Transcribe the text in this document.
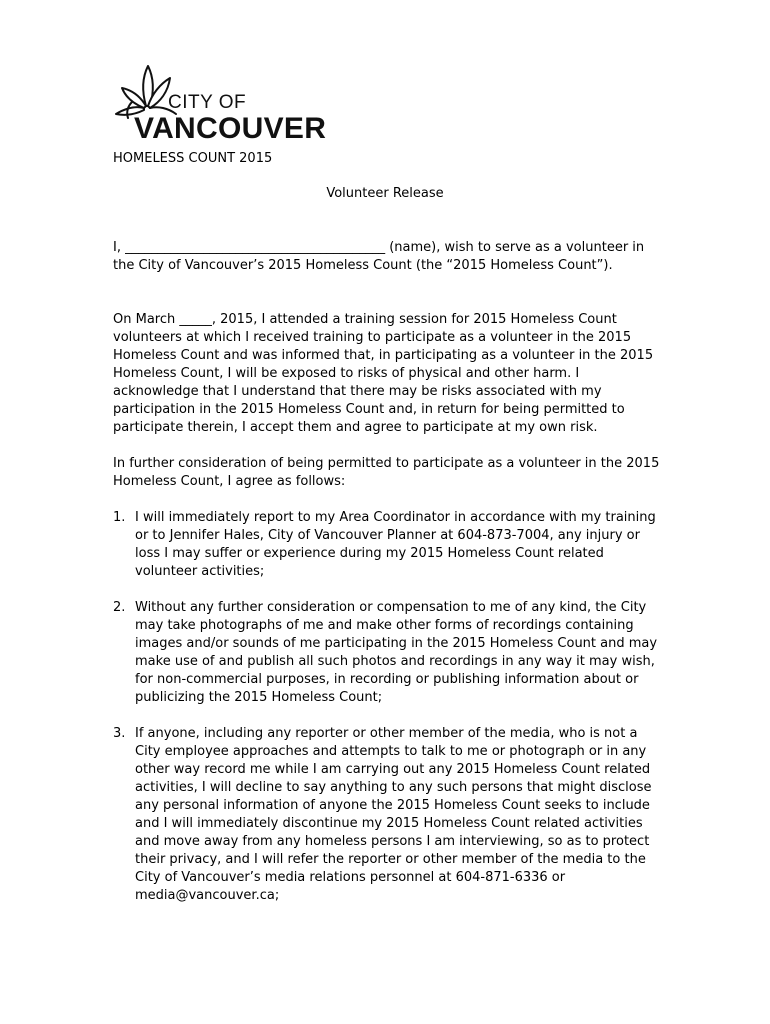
CITY OF
VANCOUVER
HOMELESS COUNT 2015
Volunteer Release

I, ________________________________________ (name), wish to serve as a volunteer in the City of Vancouver’s 2015 Homeless Count (the “2015 Homeless Count”).

On March _____, 2015, I attended a training session for 2015 Homeless Count volunteers at which I received training to participate as a volunteer in the 2015 Homeless Count and was informed that, in participating as a volunteer in the 2015 Homeless Count, I will be exposed to risks of physical and other harm. I acknowledge that I understand that there may be risks associated with my participation in the 2015 Homeless Count and, in return for being permitted to participate therein, I accept them and agree to participate at my own risk.

In further consideration of being permitted to participate as a volunteer in the 2015 Homeless Count, I agree as follows:

1. I will immediately report to my Area Coordinator in accordance with my training or to Jennifer Hales, City of Vancouver Planner at 604-873-7004, any injury or loss I may suffer or experience during my 2015 Homeless Count related volunteer activities;
2. Without any further consideration or compensation to me of any kind, the City may take photographs of me and make other forms of recordings containing images and/or sounds of me participating in the 2015 Homeless Count and may make use of and publish all such photos and recordings in any way it may wish, for non-commercial purposes, in recording or publishing information about or publicizing the 2015 Homeless Count;
3. If anyone, including any reporter or other member of the media, who is not a City employee approaches and attempts to talk to me or photograph or in any other way record me while I am carrying out any 2015 Homeless Count related activities, I will decline to say anything to any such persons that might disclose any personal information of anyone the 2015 Homeless Count seeks to include and I will immediately discontinue my 2015 Homeless Count related activities and move away from any homeless persons I am interviewing, so as to protect their privacy, and I will refer the reporter or other member of the media to the City of Vancouver’s media relations personnel at 604-871-6336 or media@vancouver.ca;
